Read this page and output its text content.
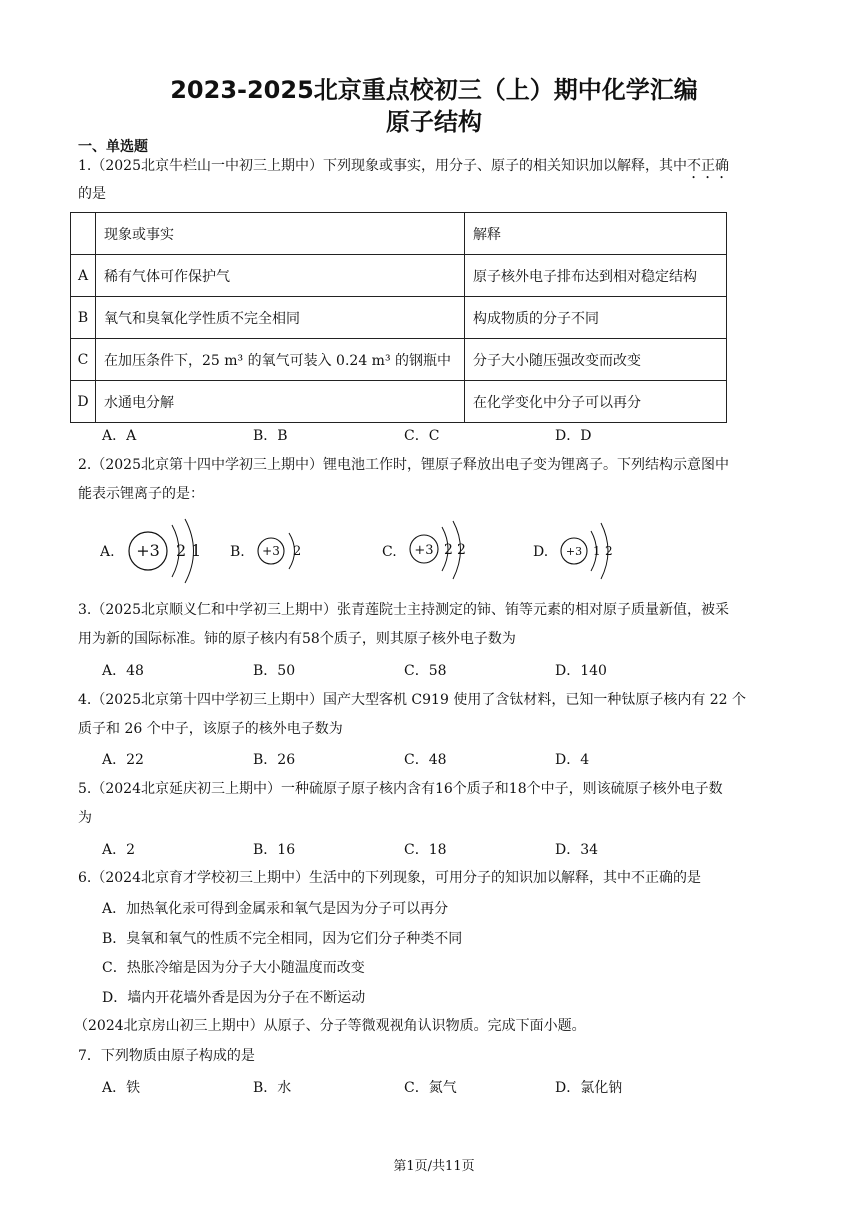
2023-2025北京重点校初三（上）期中化学汇编
原子结构
一、单选题
1.（2025北京牛栏山一中初三上期中）下列现象或事实，用分子、原子的相关知识加以解释，其中不正确
的是
	现象或事实	解释
A	稀有气体可作保护气	原子核外电子排布达到相对稳定结构
B	氧气和臭氧化学性质不完全相同	构成物质的分子不同
C	在加压条件下，25 m³ 的氧气可装入 0.24 m³ 的钢瓶中	分子大小随压强改变而改变
D	水通电分解	在化学变化中分子可以再分
A．A	B．B	C．C	D．D
2.（2025北京第十四中学初三上期中）锂电池工作时，锂原子释放出电子变为锂离子。下列结构示意图中
能表示锂离子的是：
A. +3 2 1 B. +3 2	C. +3 2 2	D. +3 1 2
3.（2025北京顺义仁和中学初三上期中）张青莲院士主持测定的铈、铕等元素的相对原子质量新值，被采
用为新的国际标准。铈的原子核内有58个质子，则其原子核外电子数为
A．48	B．50	C．58	D．140
4.（2025北京第十四中学初三上期中）国产大型客机 C919 使用了含钛材料，已知一种钛原子核内有 22 个
质子和 26 个中子，该原子的核外电子数为
A．22	B．26	C．48	D．4
5.（2024北京延庆初三上期中）一种硫原子原子核内含有16个质子和18个中子，则该硫原子核外电子数
为
A．2	B．16	C．18	D．34
6.（2024北京育才学校初三上期中）生活中的下列现象，可用分子的知识加以解释，其中不正确的是
A．加热氧化汞可得到金属汞和氧气是因为分子可以再分
B．臭氧和氧气的性质不完全相同，因为它们分子种类不同
C．热胀冷缩是因为分子大小随温度而改变
D．墙内开花墙外香是因为分子在不断运动
（2024北京房山初三上期中）从原子、分子等微观视角认识物质。完成下面小题。
7．下列物质由原子构成的是
A．铁	B．水	C．氮气	D．氯化钠
第1页/共11页
